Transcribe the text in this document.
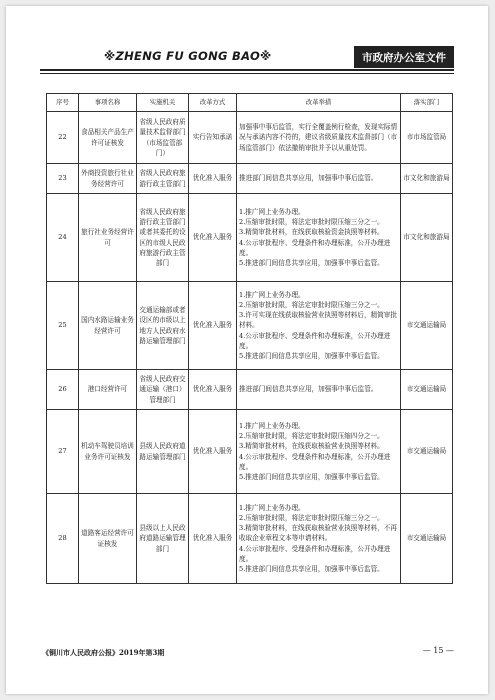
※ZHENG FU GONG BAO※	市政府办公室文件
序号	事项名称	实施机关	改革方式	改革举措	落实部门
22	食品相关产品生产许可证核发	省级人民政府质量技术监督部门（市场监管部门）	实行告知承诺	加强事中事后监管，实行全覆盖例行检查，发现实际情况与承诺内容不符的，建议省级质量技术监督部门（市场监管部门）依法撤销审批并予以从重处罚。	市市场监管局
23	外商投资旅行社业务经营许可	省级人民政府旅游行政主管部门	优化准入服务	推进部门间信息共享应用，加强事中事后监管。	市文化和旅游局
24	旅行社业务经营许可	省级人民政府旅游行政主管部门或者其委托的设区的市级人民政府旅游行政主管部门	优化准入服务	1.推广网上业务办理。
2.压缩审批时限，将法定审批时限压缩三分之一。
3.精简审批材料，在线获取核验资金执照等材料。
4.公示审批程序、受理条件和办理标准，公开办理进度。
5.推进部门间信息共享应用，加强事中事后监管。	市文化和旅游局
25	国内水路运输业务经营许可	交通运输部或者设区的市级以上地方人民政府水路运输管理部门	优化准入服务	1.推广网上业务办理。
2.压缩审批时限，将法定审批时限压缩三分之一。
3.许可实现在线获取核验营业执照等材料后，精简审批材料。
4.公示审批程序、受理条件和办理标准，公开办理进度。
5.推进部门间信息共享应用，加强事中事后监管。	市交通运输局
26	港口经营许可	省级人民政府交通运输（港口）管理部门	优化准入服务	推进部门间信息共享应用，加强事中事后监管。	市交通运输局
27	机动车驾驶员培训业务许可证核发	县级人民政府道路运输管理部门	优化准入服务	1.推广网上业务办理。
2.压缩审批时限，将法定审批时限压缩四分之一。
3.精简审批材料，在线获取核验营业执照等材料。
4.公示审批程序、受理条件和办理标准，公开办理进度。
5.推进部门间信息共享应用，加强事中事后监管。	市交通运输局
28	道路客运经营许可证核发	县级以上人民政府道路运输管理部门	优化准入服务	1.推广网上业务办理。
2.压缩审批时限，将法定审批时限压缩三分之一。
3.精简审批材料，在线获取核验营业执照等材料，不再收取企业章程文本等申请材料。
4.公示审批程序、受理条件和办理标准，公开办理进度。
5.推进部门间信息共享应用，加强事中事后监管。	市交通运输局
《铜川市人民政府公报》2019年第3期	— 15 —
